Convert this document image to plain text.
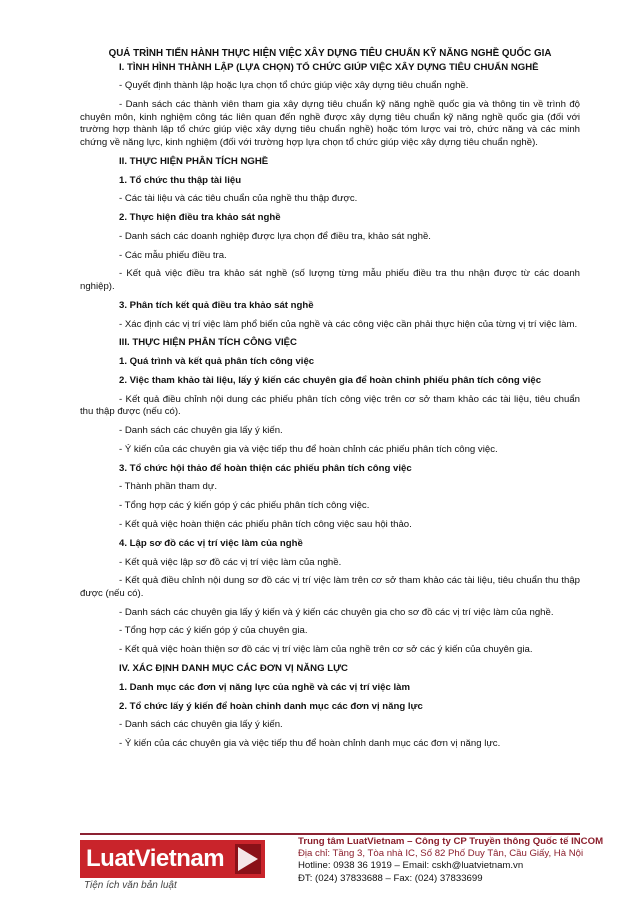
QUÁ TRÌNH TIẾN HÀNH THỰC HIỆN VIỆC XÂY DỰNG TIÊU CHUẨN KỸ NĂNG NGHỀ QUỐC GIA
I. TÌNH HÌNH THÀNH LẬP (LỰA CHỌN) TỔ CHỨC GIÚP VIỆC XÂY DỰNG TIÊU CHUẨN NGHỀ
- Quyết định thành lập hoặc lựa chọn tổ chức giúp việc xây dựng tiêu chuẩn nghề.
- Danh sách các thành viên tham gia xây dựng tiêu chuẩn kỹ năng nghề quốc gia và thông tin về trình độ chuyên môn, kinh nghiệm công tác liên quan đến nghề được xây dựng tiêu chuẩn kỹ năng nghề quốc gia (đối với trường hợp thành lập tổ chức giúp việc xây dựng tiêu chuẩn nghề) hoặc tóm lược vai trò, chức năng và các minh chứng về năng lực, kinh nghiệm (đối với trường hợp lựa chọn tổ chức giúp việc xây dựng tiêu chuẩn nghề).
II. THỰC HIỆN PHÂN TÍCH NGHỀ
1. Tổ chức thu thập tài liệu
- Các tài liệu và các tiêu chuẩn của nghề thu thập được.
2. Thực hiện điều tra khảo sát nghề
- Danh sách các doanh nghiệp được lựa chọn để điều tra, khảo sát nghề.
- Các mẫu phiếu điều tra.
- Kết quả việc điều tra khảo sát nghề (số lượng từng mẫu phiếu điều tra thu nhận được từ các doanh nghiệp).
3. Phân tích kết quả điều tra khảo sát nghề
- Xác định các vị trí việc làm phổ biến của nghề và các công việc cần phải thực hiện của từng vị trí việc làm.
III. THỰC HIỆN PHÂN TÍCH CÔNG VIỆC
1. Quá trình và kết quả phân tích công việc
2. Việc tham khảo tài liệu, lấy ý kiến các chuyên gia để hoàn chỉnh phiếu phân tích công việc
- Kết quả điều chỉnh nội dung các phiếu phân tích công việc trên cơ sở tham khảo các tài liệu, tiêu chuẩn thu thập được (nếu có).
- Danh sách các chuyên gia lấy ý kiến.
- Ý kiến của các chuyên gia và việc tiếp thu để hoàn chỉnh các phiếu phân tích công việc.
3. Tổ chức hội thảo để hoàn thiện các phiếu phân tích công việc
- Thành phần tham dự.
- Tổng hợp các ý kiến góp ý các phiếu phân tích công việc.
- Kết quả việc hoàn thiện các phiếu phân tích công việc sau hội thảo.
4. Lập sơ đồ các vị trí việc làm của nghề
- Kết quả việc lập sơ đồ các vị trí việc làm của nghề.
- Kết quả điều chỉnh nội dung sơ đồ các vị trí việc làm trên cơ sở tham khảo các tài liệu, tiêu chuẩn thu thập được (nếu có).
- Danh sách các chuyên gia lấy ý kiến và ý kiến các chuyên gia cho sơ đồ các vị trí việc làm của nghề.
- Tổng hợp các ý kiến góp ý của chuyên gia.
- Kết quả việc hoàn thiện sơ đồ các vị trí việc làm của nghề trên cơ sở các ý kiến của chuyên gia.
IV. XÁC ĐỊNH DANH MỤC CÁC ĐƠN VỊ NĂNG LỰC
1. Danh mục các đơn vị năng lực của nghề và các vị trí việc làm
2. Tổ chức lấy ý kiến để hoàn chỉnh danh mục các đơn vị năng lực
- Danh sách các chuyên gia lấy ý kiến.
- Ý kiến của các chuyên gia và việc tiếp thu để hoàn chỉnh danh mục các đơn vị năng lực.
LuatVietnam
Tiện ích văn bản luật
Trung tâm LuatVietnam – Công ty CP Truyền thông Quốc tế INCOM
Địa chỉ: Tầng 3, Tòa nhà IC, Số 82 Phố Duy Tân, Cầu Giấy, Hà Nội
Hotline: 0938 36 1919 – Email: cskh@luatvietnam.vn
ĐT: (024) 37833688 – Fax: (024) 37833699
